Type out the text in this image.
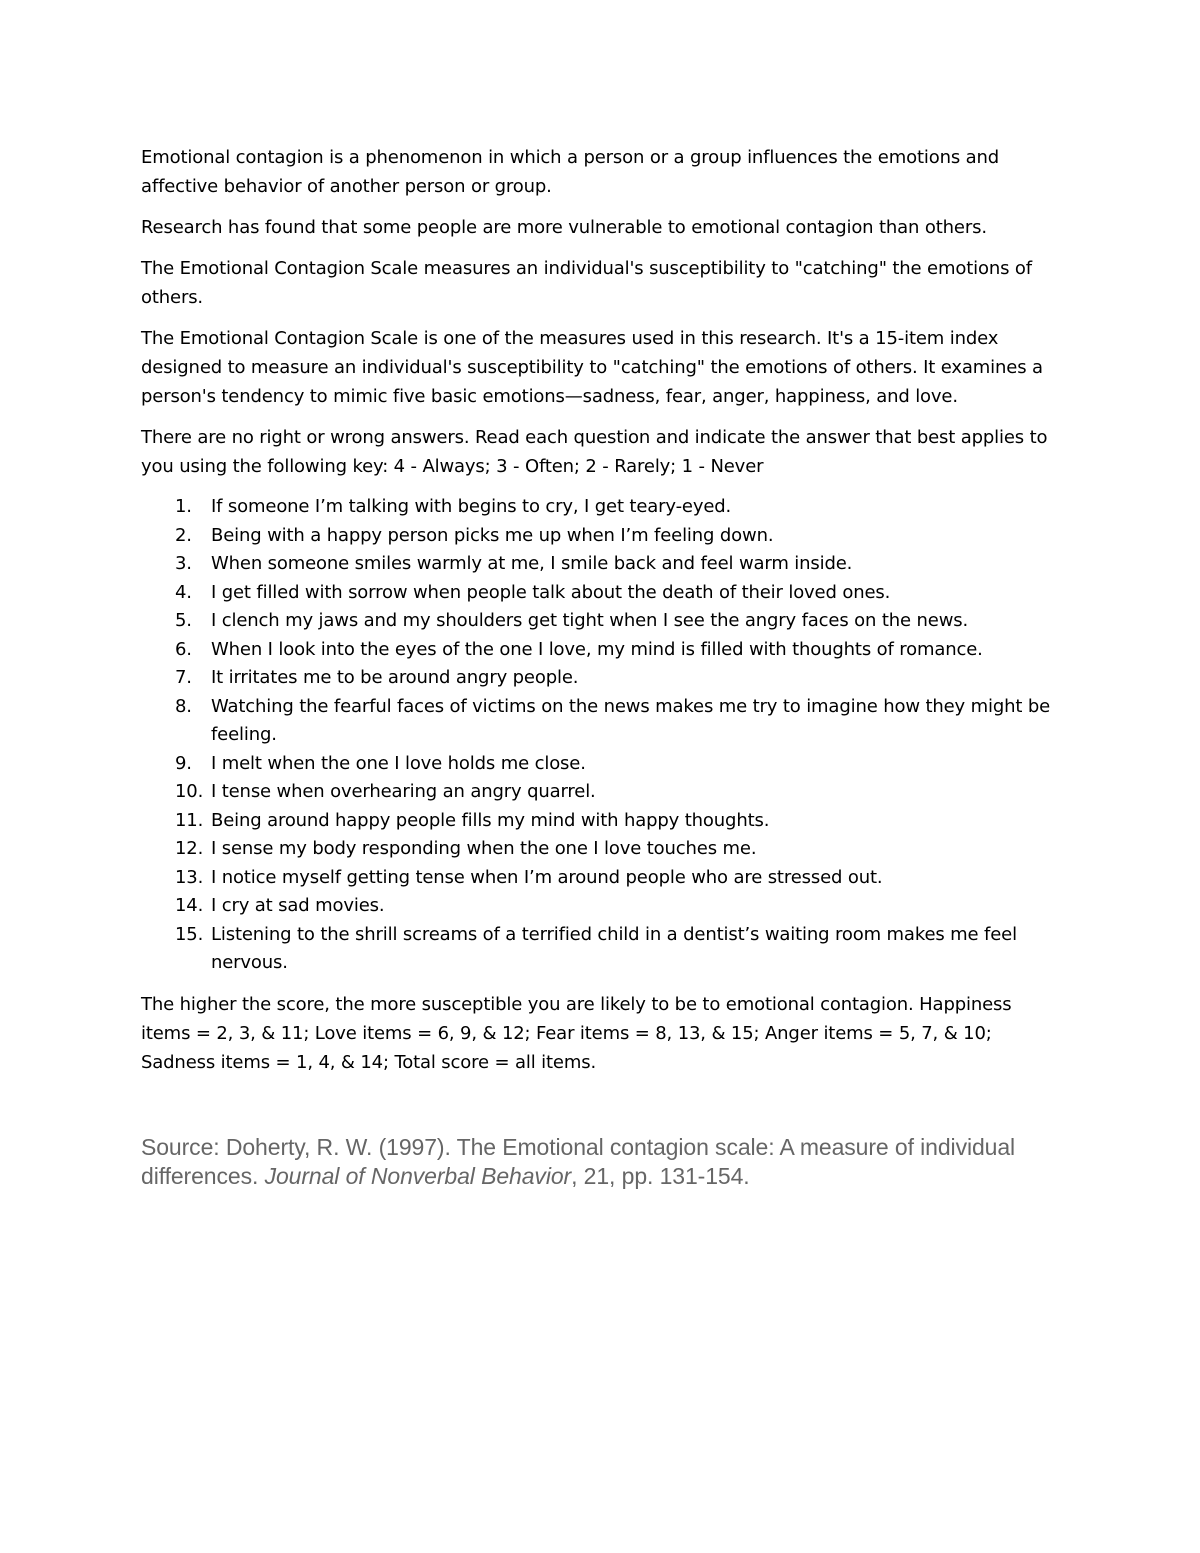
Emotional contagion is a phenomenon in which a person or a group influences the emotions and affective behavior of another person or group.

Research has found that some people are more vulnerable to emotional contagion than others.

The Emotional Contagion Scale measures an individual's susceptibility to "catching" the emotions of others.

The Emotional Contagion Scale is one of the measures used in this research. It's a 15-item index designed to measure an individual's susceptibility to "catching" the emotions of others. It examines a person's tendency to mimic five basic emotions—sadness, fear, anger, happiness, and love.

There are no right or wrong answers. Read each question and indicate the answer that best applies to you using the following key: 4 - Always; 3 - Often; 2 - Rarely; 1 - Never

1. If someone I’m talking with begins to cry, I get teary-eyed.
2. Being with a happy person picks me up when I’m feeling down.
3. When someone smiles warmly at me, I smile back and feel warm inside.
4. I get filled with sorrow when people talk about the death of their loved ones.
5. I clench my jaws and my shoulders get tight when I see the angry faces on the news.
6. When I look into the eyes of the one I love, my mind is filled with thoughts of romance.
7. It irritates me to be around angry people.
8. Watching the fearful faces of victims on the news makes me try to imagine how they might be feeling.
9. I melt when the one I love holds me close.
10. I tense when overhearing an angry quarrel.
11. Being around happy people fills my mind with happy thoughts.
12. I sense my body responding when the one I love touches me.
13. I notice myself getting tense when I’m around people who are stressed out.
14. I cry at sad movies.
15. Listening to the shrill screams of a terrified child in a dentist’s waiting room makes me feel nervous.

The higher the score, the more susceptible you are likely to be to emotional contagion. Happiness items = 2, 3, & 11; Love items = 6, 9, & 12; Fear items = 8, 13, & 15; Anger items = 5, 7, & 10; Sadness items = 1, 4, & 14; Total score = all items.

Source: Doherty, R. W. (1997). The Emotional contagion scale: A measure of individual differences. Journal of Nonverbal Behavior, 21, pp. 131-154.
